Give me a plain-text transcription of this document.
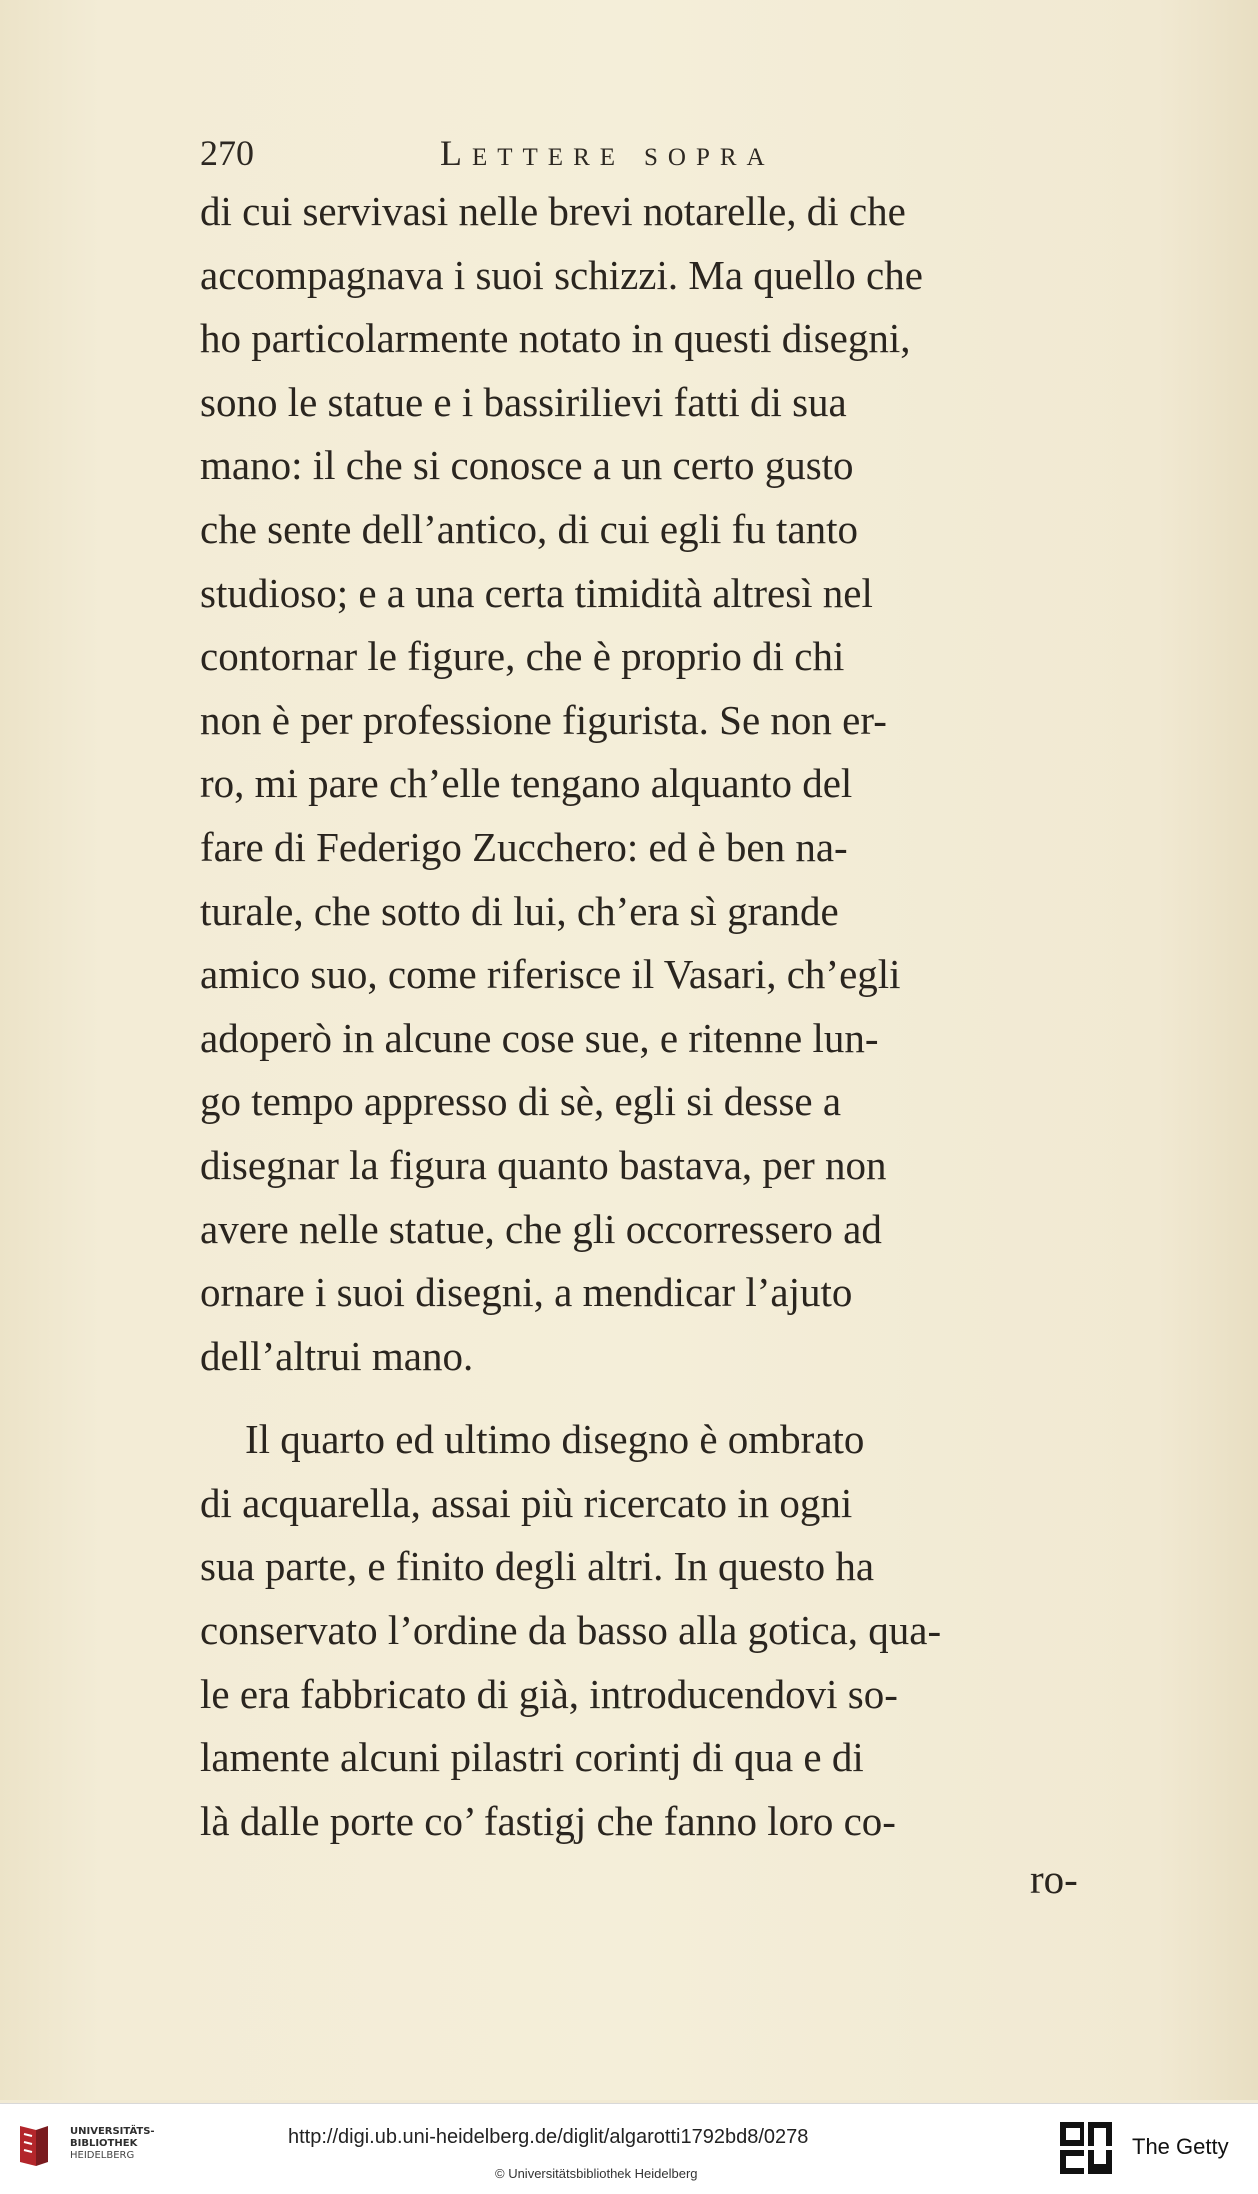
270	Lettere sopra
di cui servivasi nelle brevi notarelle, di che
accompagnava i suoi schizzi. Ma quello che
ho particolarmente notato in questi disegni,
sono le statue e i bassirilievi fatti di sua
mano: il che si conosce a un certo gusto
che sente dell’antico, di cui egli fu tanto
studioso; e a una certa timidità altresì nel
contornar le figure, che è proprio di chi
non è per professione figurista. Se non er-
ro, mi pare ch’elle tengano alquanto del
fare di Federigo Zucchero: ed è ben na-
turale, che sotto di lui, ch’era sì grande
amico suo, come riferisce il Vasari, ch’egli
adoperò in alcune cose sue, e ritenne lun-
go tempo appresso di sè, egli si desse a
disegnar la figura quanto bastava, per non
avere nelle statue, che gli occorressero ad
ornare i suoi disegni, a mendicar l’ajuto
dell’altrui mano.
Il quarto ed ultimo disegno è ombrato
di acquarella, assai più ricercato in ogni
sua parte, e finito degli altri. In questo ha
conservato l’ordine da basso alla gotica, qua-
le era fabbricato di già, introducendovi so-
lamente alcuni pilastri corintj di qua e di
là dalle porte co’ fastigj che fanno loro co-
ro-
UNIVERSITÄTS-
BIBLIOTHEK
HEIDELBERG
http://digi.ub.uni-heidelberg.de/diglit/algarotti1792bd8/0278
© Universitätsbibliothek Heidelberg
The Getty
